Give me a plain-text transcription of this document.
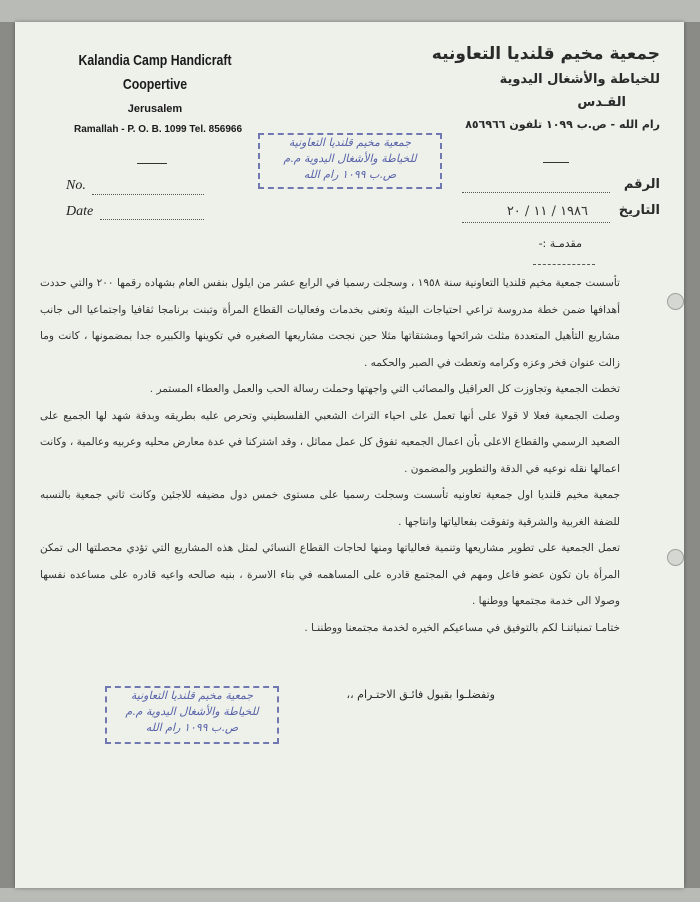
Kalandia Camp Handicraft
Coopertive
Jerusalem
Ramallah - P. O. B. 1099 Tel. 856966
No.
Date
جمعية مخيم قلنديا التعاونيه
للخياطة والأشغال اليدوية
القـدس
رام الله - ص.ب ١٠٩٩ تلفون ٨٥٦٩٦٦
الرقم
التاريخ
١٩٨٦ / ١١ / ٢٠
جمعية مخيم قلنديا التعاونية
للخياطة والأشغال اليدوية م.م
ص.ب ١٠٩٩ رام الله
مقدمـة :-

تأسست جمعية مخيم قلنديا التعاونية سنة ١٩٥٨ ، وسجلت رسميا في الرابع عشر من ايلول بنفس العام بشهاده رقمها ٢٠٠ والتي حددت أهدافها ضمن خطة مدروسة تراعي احتياجات البيئة وتعنى بخدمات وفعاليات القطاع المرأة وتبنت برنامجا ثقافيا واجتماعيا الى جانب مشاريع التأهيل المتعددة مثلت شرائحها ومشتقاتها مثلا حين نجحت مشاريعها الصغيره في تكوينها والكبيره جدا بمضمونها ، كانت وما زالت عنوان فخر وعزه وكرامه وتعطت في الصبر والحكمه .

تخطت الجمعية وتجاوزت كل العراقيل والمصائب التي واجهتها وحملت رسالة الحب والعمل والعطاء المستمر .

وصلت الجمعية فعلا لا قولا على أنها تعمل على احياء التراث الشعبي الفلسطيني وتحرص عليه بطريقه وبدقة شهد لها الجميع على الصعيد الرسمي والقطاع الاعلى بأن اعمال الجمعيه تفوق كل عمل مماثل ، وقد اشتركنا في عدة معارض محليه وعربيه وعالمية ، وكانت اعمالها نقله نوعيه في الدقة والتطوير والمضمون .

جمعية مخيم قلنديا اول جمعية تعاونيه تأسست وسجلت رسميا على مستوى خمس دول مضيفه للاجئين وكانت ثاني جمعية بالنسبه للضفة الغربية والشرقية وتفوقت بفعالياتها وانتاجها .

تعمل الجمعية على تطوير مشاريعها وتنمية فعالياتها ومنها لحاجات القطاع النسائي لمثل هذه المشاريع التي تؤدي محصلتها الى تمكن المرأة بان تكون عضو فاعل ومهم في المجتمع قادره على المساهمه في بناء الاسرة ، بنيه صالحه واعيه قادره على مساعده نفسها وصولا الى خدمة مجتمعها ووطنها .

ختامـا تمنياتنـا لكم بالتوفيق في مساعيكم الخيره لخدمة مجتمعنا ووطننـا .

وتفضلـوا بقبول فائـق الاحتـرام ،،
جمعية مخيم قلنديا التعاونية
للخياطة والأشغال اليدوية م.م
ص.ب ١٠٩٩ رام الله
